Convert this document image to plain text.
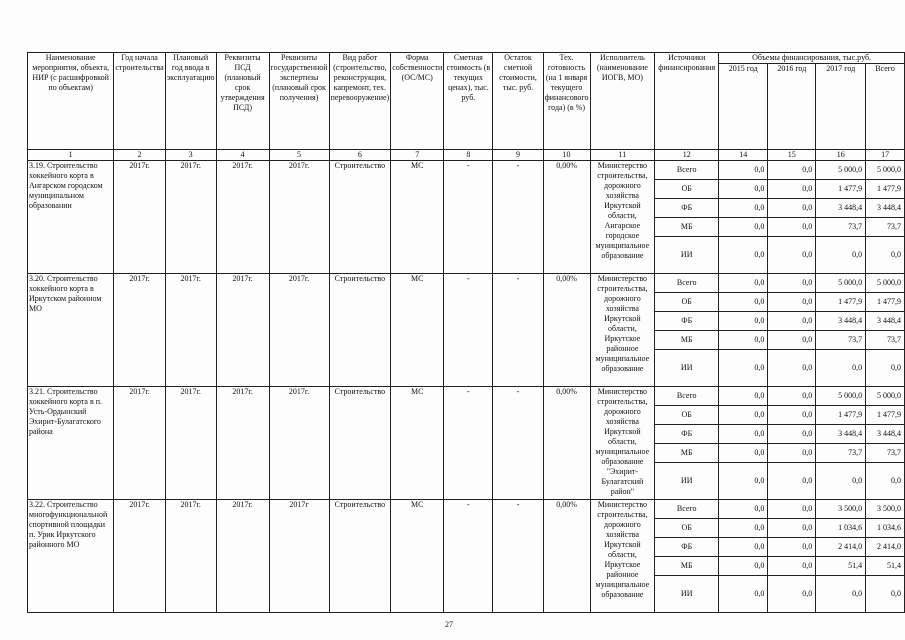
Наименование мероприятия, объекта, НИР (с расшифровкой по объектам)	Год начала строительства	Плановый год ввода в эксплуатацию	Реквизиты ПСД (плановый срок утверждения ПСД)	Реквизиты государственной экспертизы (плановый срок получения)	Вид работ (строительство, реконструкция, капремонт, тех. перевооружение)	Форма собственности (ОС/МС)	Сметная стоимость (в текущих ценах), тыс. руб.	Остаток сметной стоимости, тыс. руб.	Тех. готовность (на 1 января текущего финансового года) (в %)	Исполнитель (наименование ИОГВ, МО)	Источники финансирования	Объемы финансирования, тыс.руб.			
												2015 год	2016 год	2017 год	Всего
1	2	3	4	5	6	7	8	9	10	11	12	14	15	16	17
3.19. Строительство хоккейного корта в Ангарском городском муниципальном образовании	2017г.	2017г.	2017г.	2017г.	Строительство	МС	-	-	0,00%	Министерство строительства, дорожного хозяйства Иркутской области, Ангарское городское муниципальное образование	Всего	0,0	0,0	5 000,0	5 000,0
											ОБ	0,0	0,0	1 477,9	1 477,9
											ФБ	0,0	0,0	3 448,4	3 448,4
											МБ	0,0	0,0	73,7	73,7
											ИИ	0,0	0,0	0,0	0,0
3.20. Строительство хоккейного корта в Иркутском районном МО	2017г.	2017г.	2017г.	2017г.	Строительство	МС	-	-	0,00%	Министерство строительства, дорожного хозяйства Иркутской области, Иркутское районное муниципальное образование	Всего	0,0	0,0	5 000,0	5 000,0
											ОБ	0,0	0,0	1 477,9	1 477,9
											ФБ	0,0	0,0	3 448,4	3 448,4
											МБ	0,0	0,0	73,7	73,7
											ИИ	0,0	0,0	0,0	0,0
3.21. Строительство хоккейного корта в п. Усть-Ордынский Эхирит-Булагатского района	2017г.	2017г.	2017г.	2017г.	Строительство	МС	-	-	0,00%	Министерство строительства, дорожного хозяйства Иркутской области, муниципальное образование "Эхирит-Булагатский район"	Всего	0,0	0,0	5 000,0	5 000,0
											ОБ	0,0	0,0	1 477,9	1 477,9
											ФБ	0,0	0,0	3 448,4	3 448,4
											МБ	0,0	0,0	73,7	73,7
											ИИ	0,0	0,0	0,0	0,0
3.22. Строительство многофункциональной спортивной площадки п. Урик Иркутского районного МО	2017г.	2017г.	2017г.	2017г	Строительство	МС	-	-	0,00%	Министерство строительства, дорожного хозяйства Иркутской области, Иркутское районное муниципальное образование	Всего	0,0	0,0	3 500,0	3 500,0
											ОБ	0,0	0,0	1 034,6	1 034,6
											ФБ	0,0	0,0	2 414,0	2 414,0
											МБ	0,0	0,0	51,4	51,4
											ИИ	0,0	0,0	0,0	0,0
27
